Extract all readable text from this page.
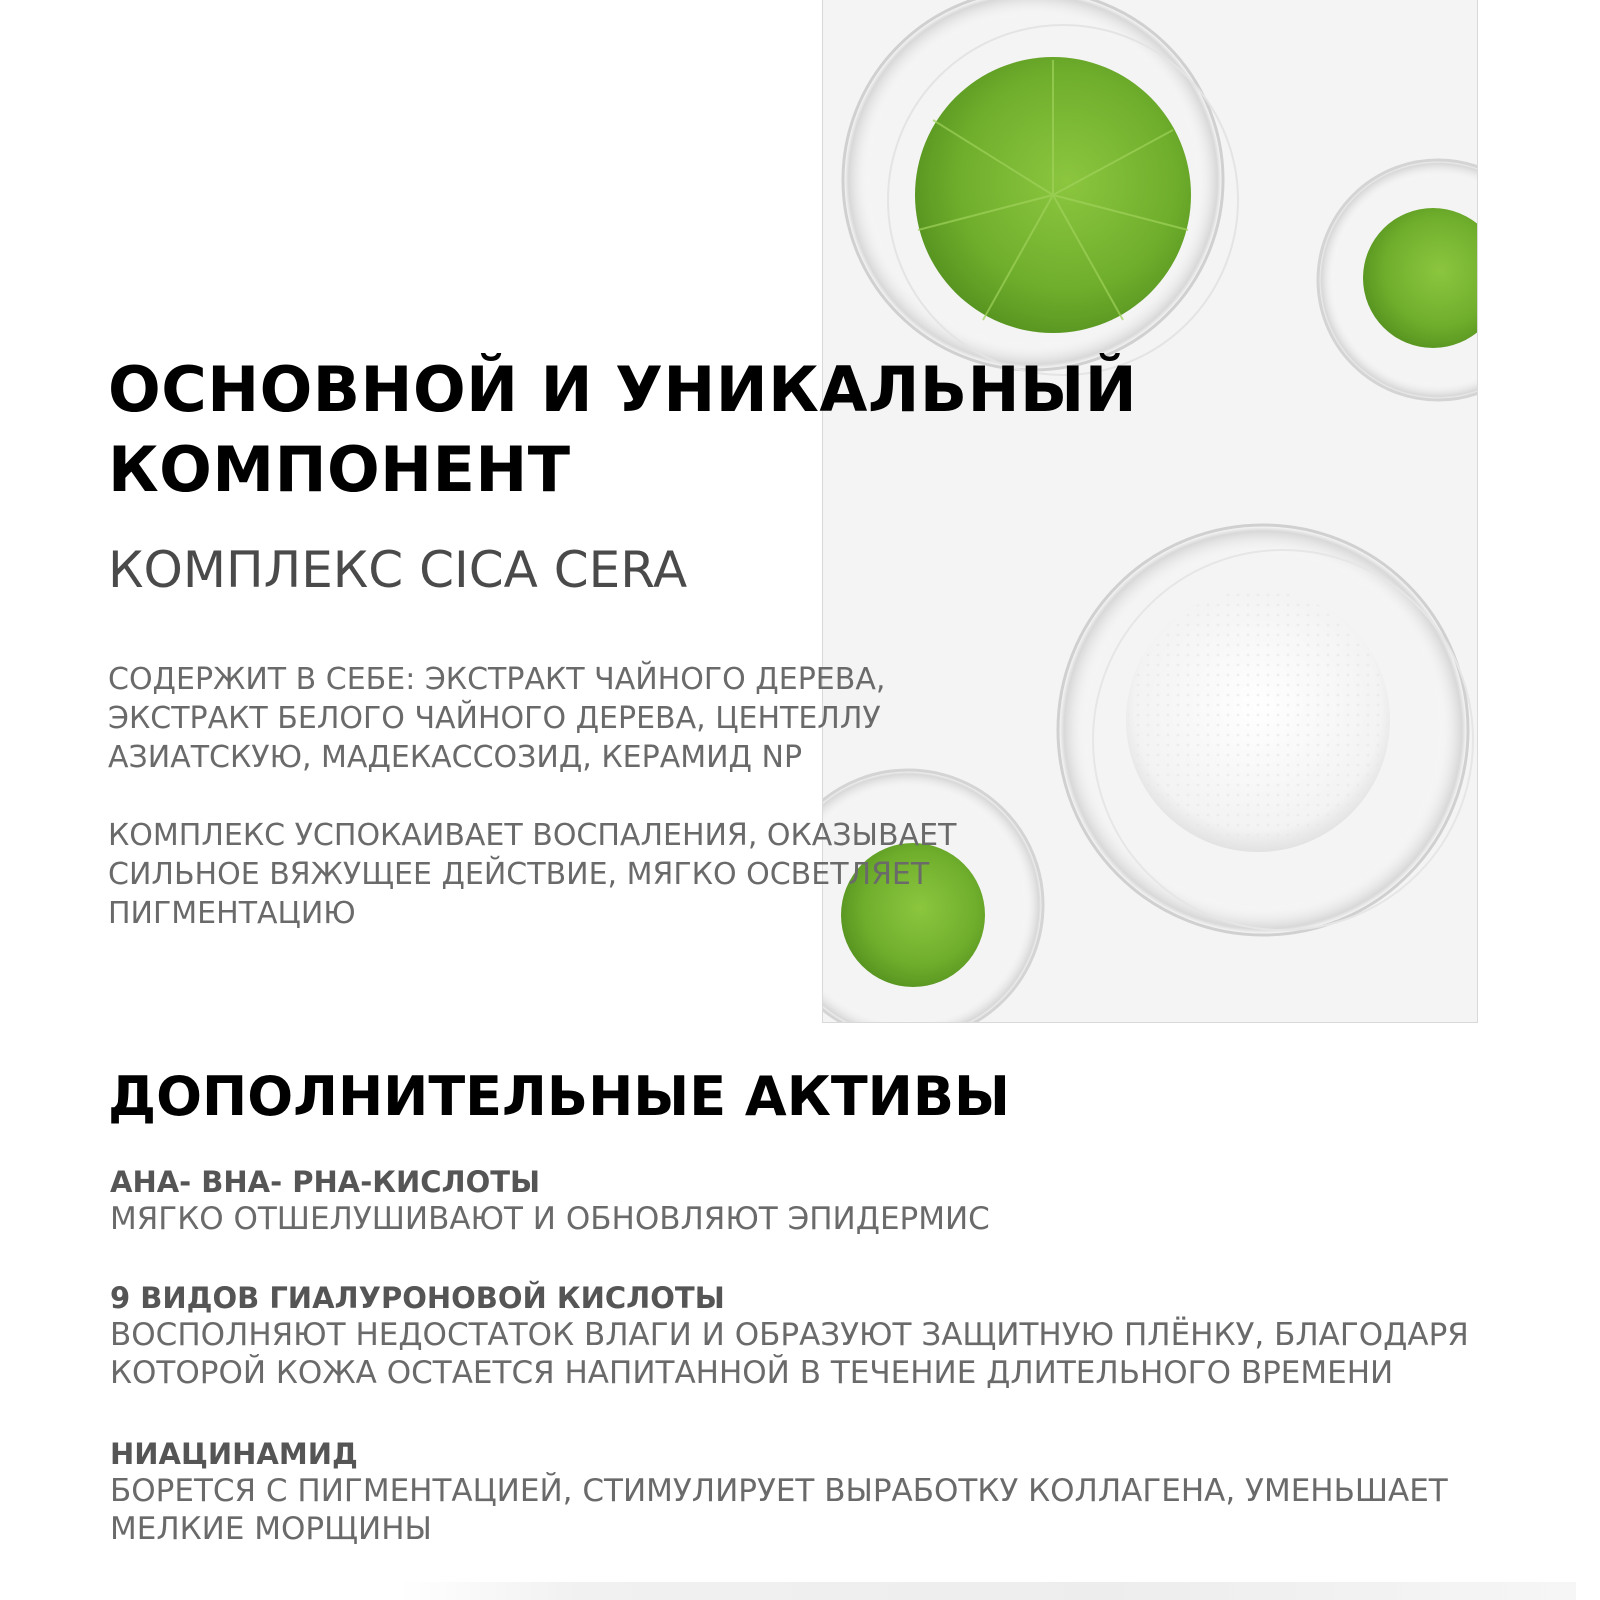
ОСНОВНОЙ И УНИКАЛЬНЫЙ
КОМПОНЕНТ
КОМПЛЕКС CICA CERA

СОДЕРЖИТ В СЕБЕ: ЭКСТРАКТ ЧАЙНОГО ДЕРЕВА,
ЭКСТРАКТ БЕЛОГО ЧАЙНОГО ДЕРЕВА, ЦЕНТЕЛЛУ
АЗИАТСКУЮ, МАДЕКАССОЗИД, КЕРАМИД NP

КОМПЛЕКС УСПОКАИВАЕТ ВОСПАЛЕНИЯ, ОКАЗЫВАЕТ
СИЛЬНОЕ ВЯЖУЩЕЕ ДЕЙСТВИЕ, МЯГКО ОСВЕТЛЯЕТ
ПИГМЕНТАЦИЮ

ДОПОЛНИТЕЛЬНЫЕ АКТИВЫ

AHA- BHA- PHA-КИСЛОТЫ

МЯГКО ОТШЕЛУШИВАЮТ И ОБНОВЛЯЮТ ЭПИДЕРМИС

9 ВИДОВ ГИАЛУРОНОВОЙ КИСЛОТЫ

ВОСПОЛНЯЮТ НЕДОСТАТОК ВЛАГИ И ОБРАЗУЮТ ЗАЩИТНУЮ ПЛЁНКУ, БЛАГОДАРЯ
КОТОРОЙ КОЖА ОСТАЕТСЯ НАПИТАННОЙ В ТЕЧЕНИЕ ДЛИТЕЛЬНОГО ВРЕМЕНИ

НИАЦИНАМИД

БОРЕТСЯ С ПИГМЕНТАЦИЕЙ, СТИМУЛИРУЕТ ВЫРАБОТКУ КОЛЛАГЕНА, УМЕНЬШАЕТ
МЕЛКИЕ МОРЩИНЫ
